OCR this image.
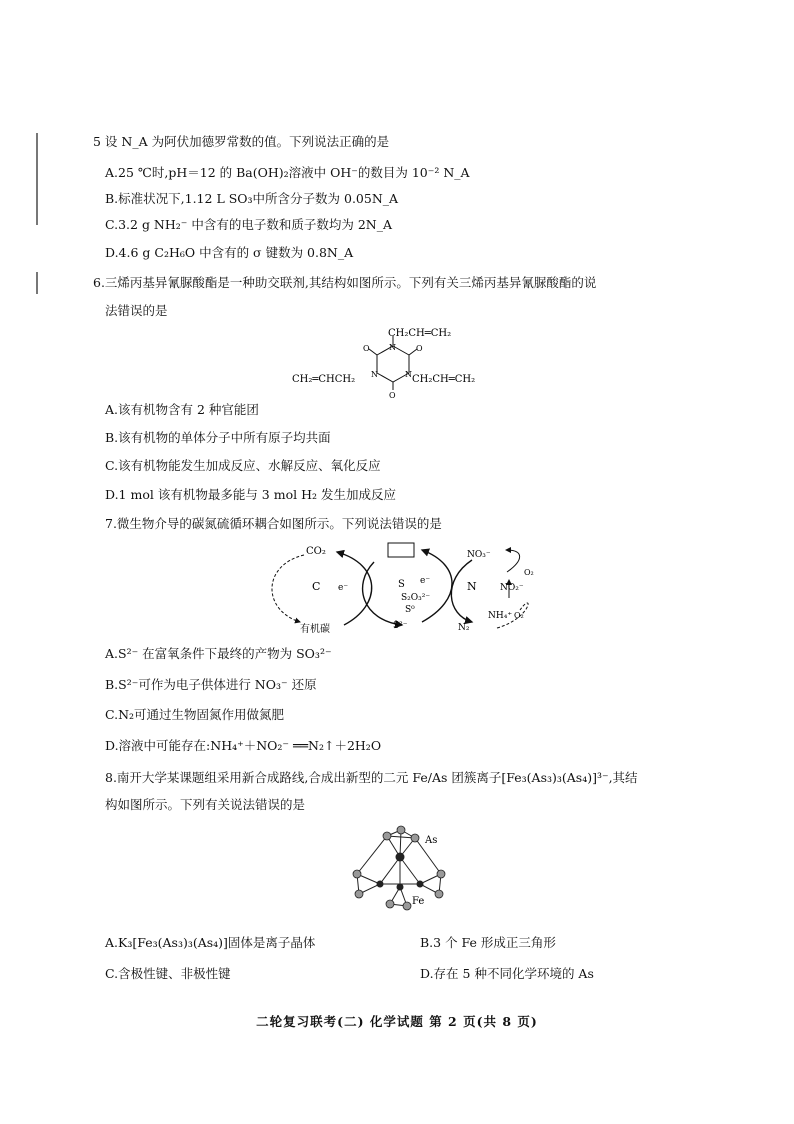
5 设 N_A 为阿伏加德罗常数的值。下列说法正确的是
A.25 ℃时,pH＝12 的 Ba(OH)₂溶液中 OH⁻的数目为 10⁻² N_A
B.标准状况下,1.12 L SO₃中所含分子数为 0.05N_A
C.3.2 g NH₂⁻ 中含有的电子数和质子数均为 2N_A
D.4.6 g C₂H₆O 中含有的 σ 键数为 0.8N_A
6.三烯丙基异氰脲酸酯是一种助交联剂,其结构如图所示。下列有关三烯丙基异氰脲酸酯的说
法错误的是
CH₂CH═CH₂
CH₂═CHCH₂	CH₂CH═CH₂
N
N	N
O	O
O
A.该有机物含有 2 种官能团
B.该有机物的单体分子中所有原子均共面
C.该有机物能发生加成反应、水解反应、氧化反应
D.1 mol 该有机物最多能与 3 mol H₂ 发生加成反应
7.微生物介导的碳氮硫循环耦合如图所示。下列说法错误的是
CO₂
C e⁻
有机碳
S e⁻
S₂O₃²⁻
S⁰
S²⁻
N
NO₃⁻
O₂
NO₂⁻
NH₄⁺ O₂
N₂
A.S²⁻ 在富氧条件下最终的产物为 SO₃²⁻
B.S²⁻可作为电子供体进行 NO₃⁻ 还原
C.N₂可通过生物固氮作用做氮肥
D.溶液中可能存在:NH₄⁺＋NO₂⁻ ══N₂↑＋2H₂O
8.南开大学某课题组采用新合成路线,合成出新型的二元 Fe/As 团簇离子[Fe₃(As₃)₃(As₄)]³⁻,其结
构如图所示。下列有关说法错误的是
As
Fe
A.K₃[Fe₃(As₃)₃(As₄)]固体是离子晶体	B.3 个 Fe 形成正三角形
C.含极性键、非极性键	D.存在 5 种不同化学环境的 As
二轮复习联考(二) 化学试题 第 2 页(共 8 页)
